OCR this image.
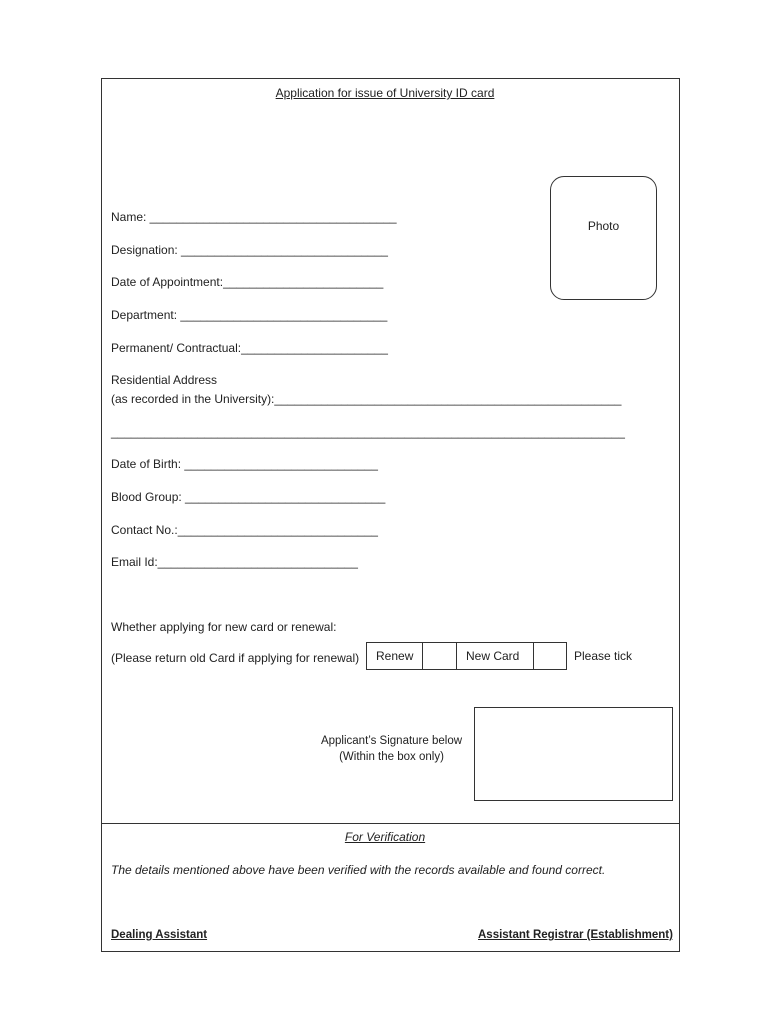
Application for issue of University ID card
Photo
Name: _____________________________________
Designation: _______________________________
Date of Appointment:________________________
Department: _______________________________
Permanent/ Contractual:______________________
Residential Address
(as recorded in the University):____________________________________________________
_____________________________________________________________________________
Date of Birth: _____________________________
Blood Group: ______________________________
Contact No.:______________________________
Email Id:______________________________
Whether applying for new card or renewal:
(Please return old Card if applying for renewal)	Renew	New Card	Please tick
Applicant’s Signature below
(Within the box only)
For Verification
The details mentioned above have been verified with the records available and found correct.
Dealing Assistant	Assistant Registrar (Establishment)
